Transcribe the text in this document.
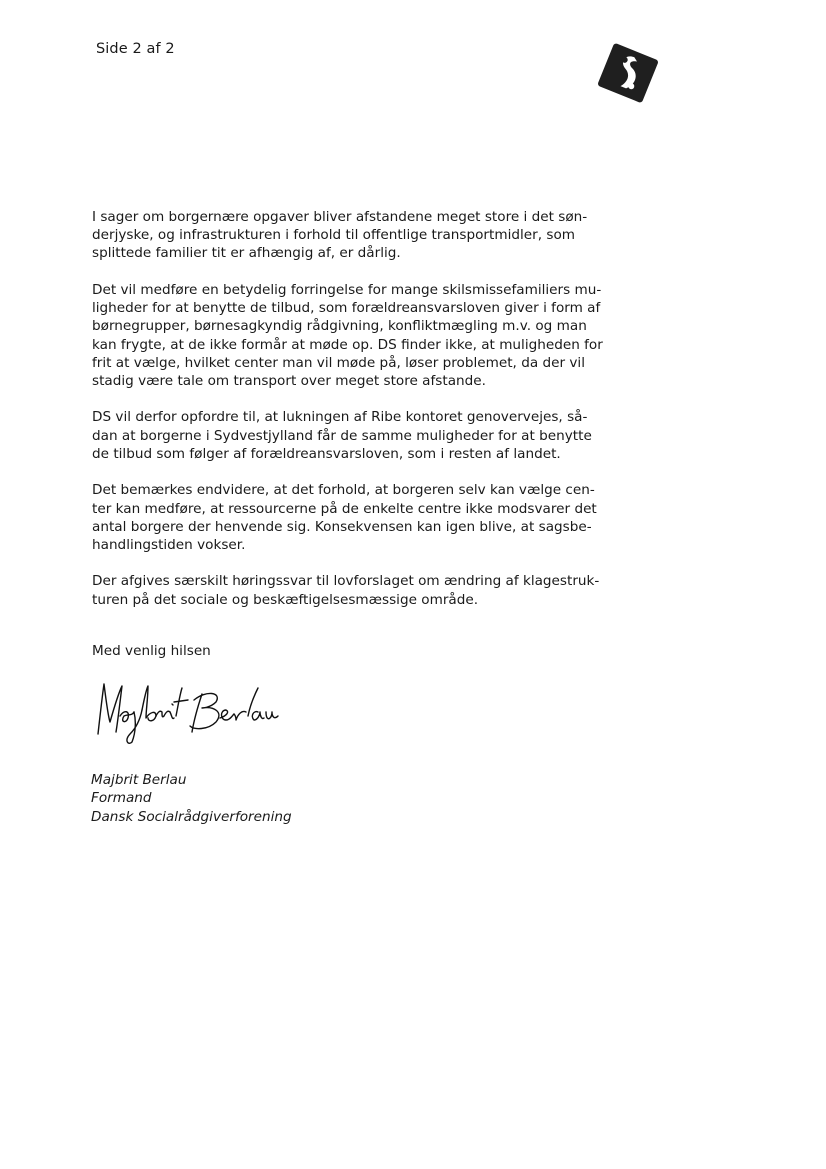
Side 2 af 2

I sager om borgernære opgaver bliver afstandene meget store i det søn-
derjyske, og infrastrukturen i forhold til offentlige transportmidler, som
splittede familier tit er afhængig af, er dårlig.

Det vil medføre en betydelig forringelse for mange skilsmissefamiliers mu-
ligheder for at benytte de tilbud, som forældreansvarsloven giver i form af
børnegrupper, børnesagkyndig rådgivning, konfliktmægling m.v. og man
kan frygte, at de ikke formår at møde op. DS finder ikke, at muligheden for
frit at vælge, hvilket center man vil møde på, løser problemet, da der vil
stadig være tale om transport over meget store afstande.

DS vil derfor opfordre til, at lukningen af Ribe kontoret genovervejes, så-
dan at borgerne i Sydvestjylland får de samme muligheder for at benytte
de tilbud som følger af forældreansvarsloven, som i resten af landet.

Det bemærkes endvidere, at det forhold, at borgeren selv kan vælge cen-
ter kan medføre, at ressourcerne på de enkelte centre ikke modsvarer det
antal borgere der henvende sig. Konsekvensen kan igen blive, at sagsbe-
handlingstiden vokser.

Der afgives særskilt høringssvar til lovforslaget om ændring af klagestruk-
turen på det sociale og beskæftigelsesmæssige område.

Med venlig hilsen
Majbrit Berlau
Formand
Dansk Socialrådgiverforening
